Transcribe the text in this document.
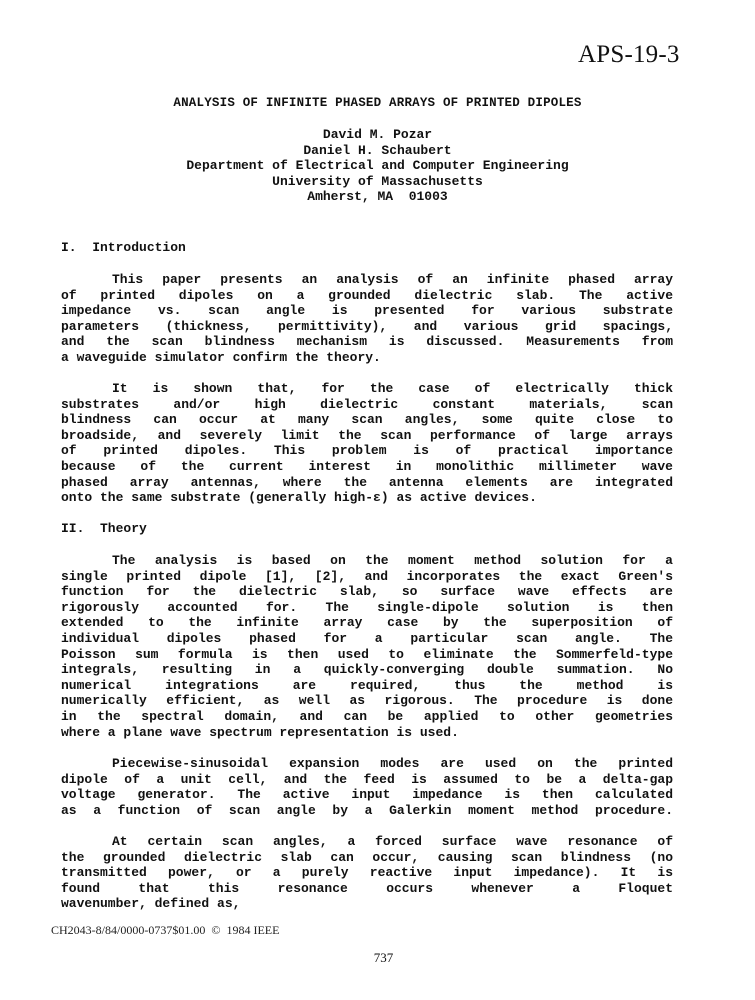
APS-19-3
ANALYSIS OF INFINITE PHASED ARRAYS OF PRINTED DIPOLES
David M. Pozar
Daniel H. Schaubert
Department of Electrical and Computer Engineering
University of Massachusetts
Amherst, MA  01003
I.  Introduction
This paper presents an analysis of an infinite phased array
of printed dipoles on a grounded dielectric slab. The active
impedance vs. scan angle is presented for various substrate
parameters (thickness, permittivity), and various grid spacings,
and the scan blindness mechanism is discussed. Measurements from
a waveguide simulator confirm the theory.
It is shown that, for the case of electrically thick
substrates and/or high dielectric constant materials, scan
blindness can occur at many scan angles, some quite close to
broadside, and severely limit the scan performance of large arrays
of printed dipoles. This problem is of practical importance
because of the current interest in monolithic millimeter wave
phased array antennas, where the antenna elements are integrated
onto the same substrate (generally high-ε) as active devices.
II.  Theory
The analysis is based on the moment method solution for a
single printed dipole [1], [2], and incorporates the exact Green's
function for the dielectric slab, so surface wave effects are
rigorously accounted for. The single-dipole solution is then
extended to the infinite array case by the superposition of
individual dipoles phased for a particular scan angle. The
Poisson sum formula is then used to eliminate the Sommerfeld-type
integrals, resulting in a quickly-converging double summation. No
numerical integrations are required, thus the method is
numerically efficient, as well as rigorous. The procedure is done
in the spectral domain, and can be applied to other geometries
where a plane wave spectrum representation is used.
Piecewise-sinusoidal expansion modes are used on the printed
dipole of a unit cell, and the feed is assumed to be a delta-gap
voltage generator. The active input impedance is then calculated
as a function of scan angle by a Galerkin moment method procedure.
At certain scan angles, a forced surface wave resonance of
the grounded dielectric slab can occur, causing scan blindness (no
transmitted power, or a purely reactive input impedance). It is
found that this resonance occurs whenever a Floquet
wavenumber, defined as,
CH2043-8/84/0000-0737$01.00  ©  1984 IEEE
737
